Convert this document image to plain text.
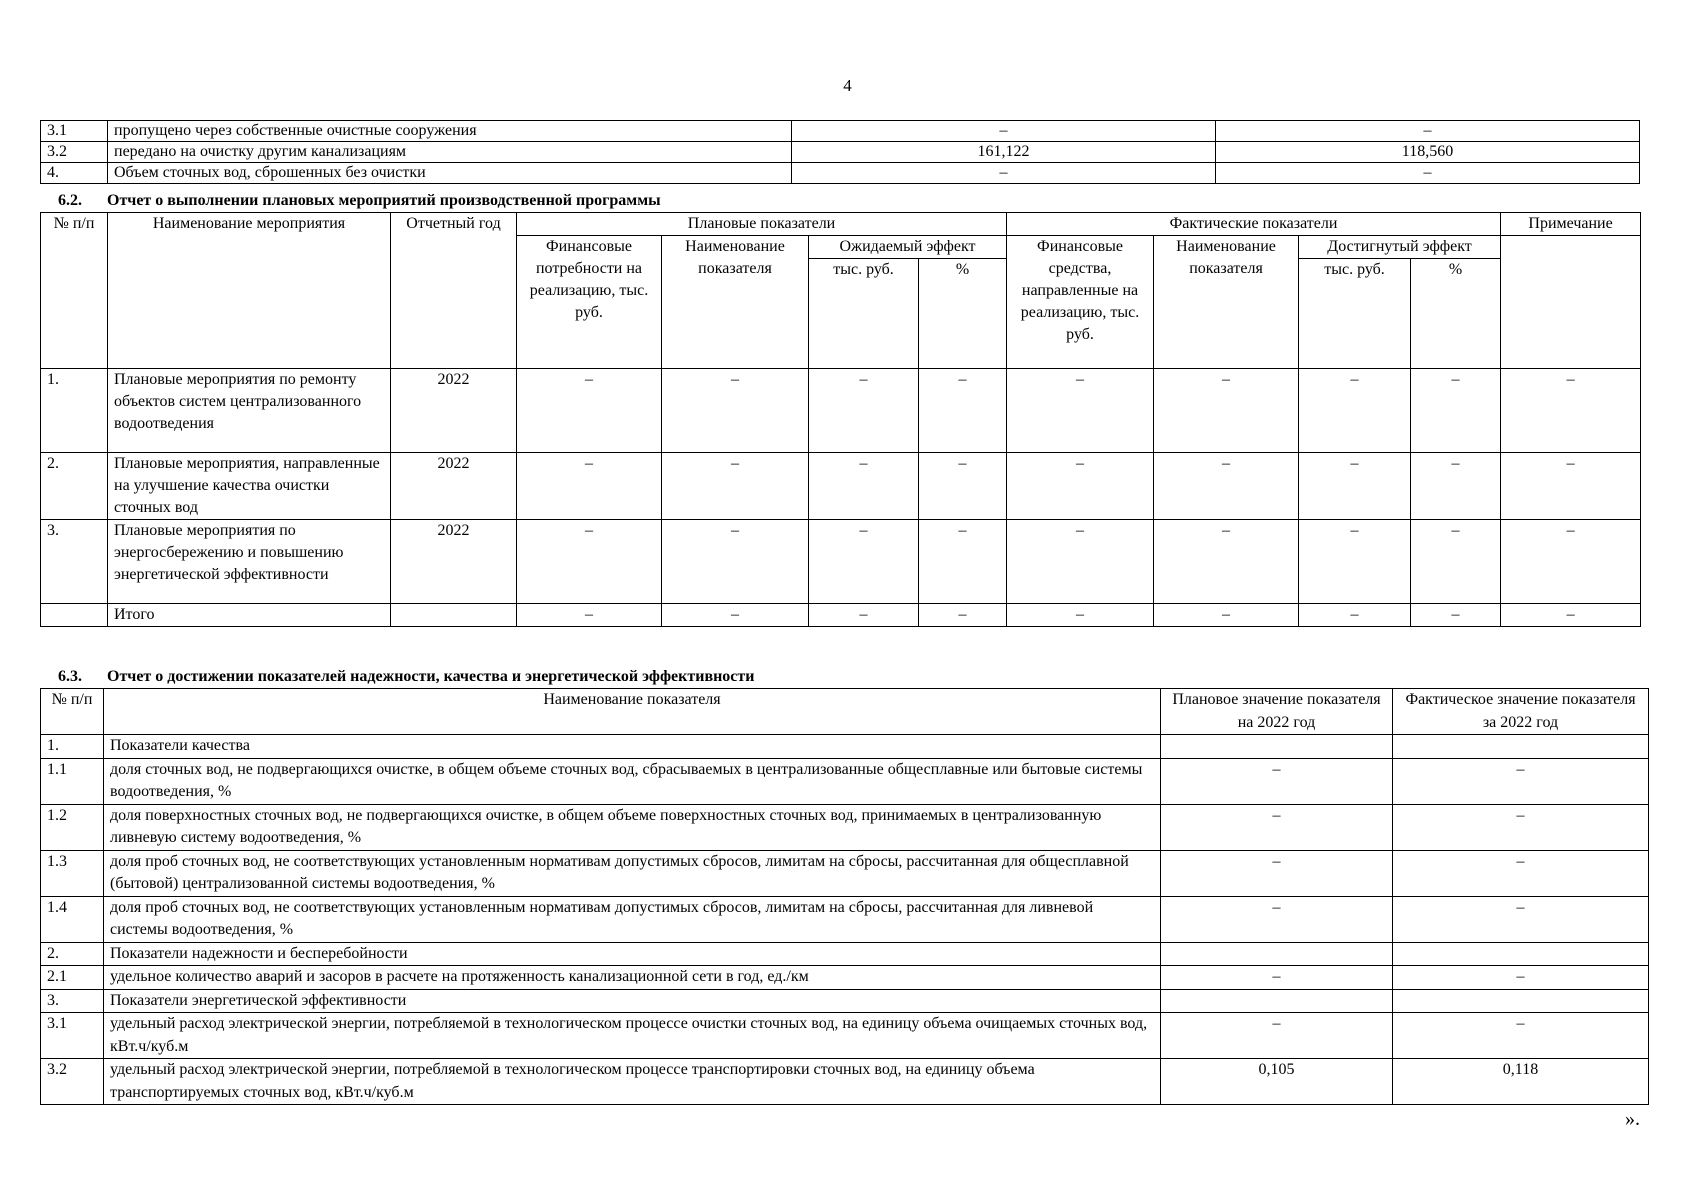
4
3.1	пропущено через собственные очистные сооружения	–	–
3.2	передано на очистку другим канализациям	161,122	118,560
4.	Объем сточных вод, сброшенных без очистки	–	–
6.2. Отчет о выполнении плановых мероприятий производственной программы
№ п/п	Наименование мероприятия	Отчетный год	Плановые показатели				Фактические показатели				Примечание
			Финансовые потребности на реализацию, тыс. руб.	Наименование показателя	Ожидаемый эффект		Финансовые средства, направленные на реализацию, тыс. руб.	Наименование показателя	Достигнутый эффект		
					тыс. руб.	%			тыс. руб.	%	
1.	Плановые мероприятия по ремонту объектов систем централизованного водоотведения	2022	–	–	–	–	–	–	–	–	–
2.	Плановые мероприятия, направленные на улучшение качества очистки сточных вод	2022	–	–	–	–	–	–	–	–	–
3.	Плановые мероприятия по энергосбережению и повышению энергетической эффективности	2022	–	–	–	–	–	–	–	–	–
	Итого		–	–	–	–	–	–	–	–	–
6.3. Отчет о достижении показателей надежности, качества и энергетической эффективности
№ п/п	Наименование показателя	Плановое значение показателя на 2022 год	Фактическое значение показателя за 2022 год
1.	Показатели качества		
1.1	доля сточных вод, не подвергающихся очистке, в общем объеме сточных вод, сбрасываемых в централизованные общесплавные или бытовые системы водоотведения, %	–	–
1.2	доля поверхностных сточных вод, не подвергающихся очистке, в общем объеме поверхностных сточных вод, принимаемых в централизованную ливневую систему водоотведения, %	–	–
1.3	доля проб сточных вод, не соответствующих установленным нормативам допустимых сбросов, лимитам на сбросы, рассчитанная для общесплавной (бытовой) централизованной системы водоотведения, %	–	–
1.4	доля проб сточных вод, не соответствующих установленным нормативам допустимых сбросов, лимитам на сбросы, рассчитанная для ливневой системы водоотведения, %	–	–
2.	Показатели надежности и бесперебойности		
2.1	удельное количество аварий и засоров в расчете на протяженность канализационной сети в год, ед./км	–	–
3.	Показатели энергетической эффективности		
3.1	удельный расход электрической энергии, потребляемой в технологическом процессе очистки сточных вод, на единицу объема очищаемых сточных вод, кВт.ч/куб.м	–	–
3.2	удельный расход электрической энергии, потребляемой в технологическом процессе транспортировки сточных вод, на единицу объема транспортируемых сточных вод, кВт.ч/куб.м	0,105	0,118
».
